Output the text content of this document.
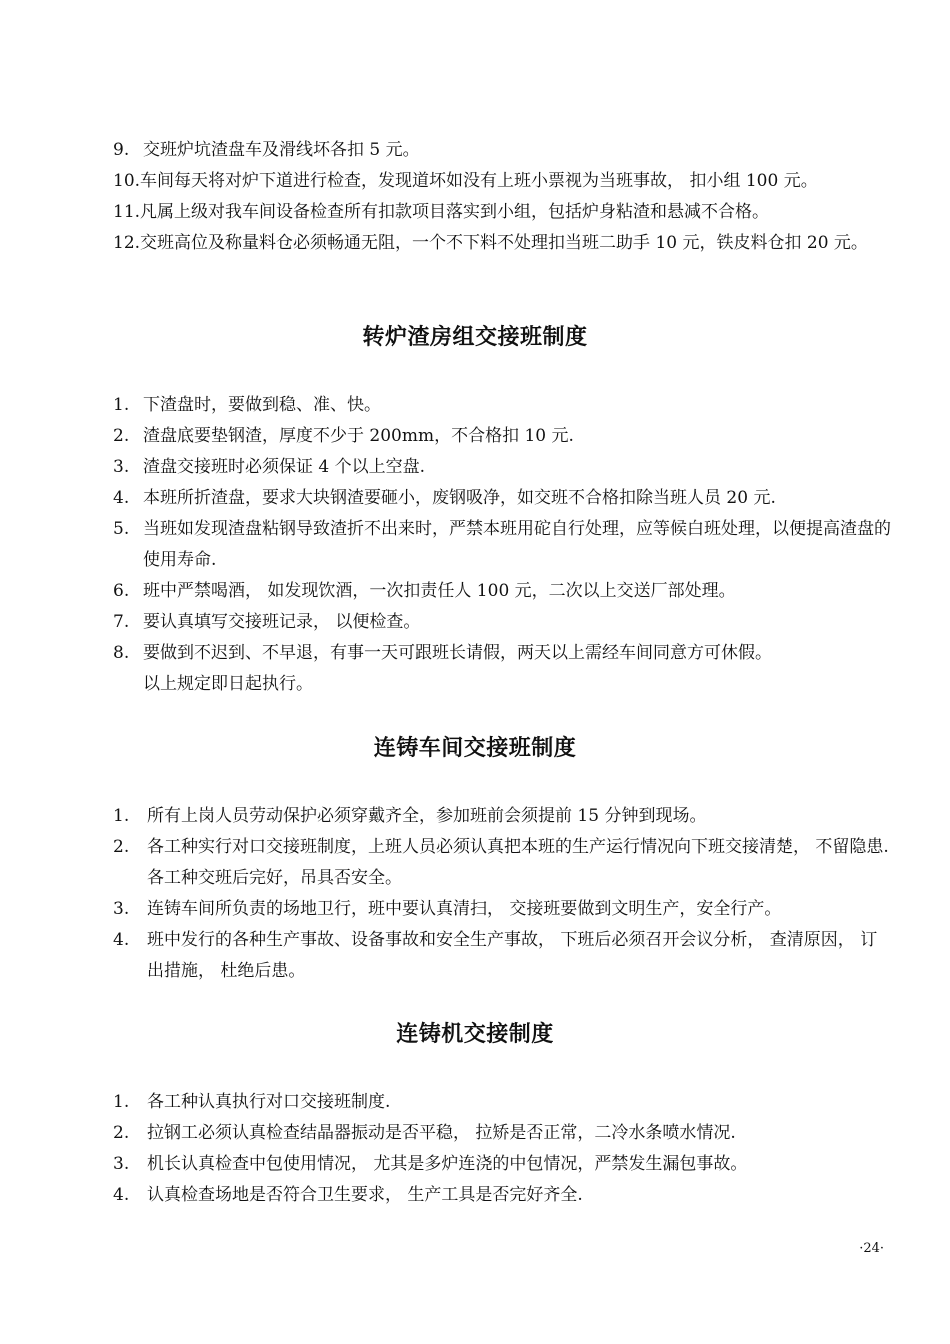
9. 交班炉坑渣盘车及滑线坏各扣 5 元。
10. 车间每天将对炉下道进行检查，发现道坏如没有上班小票视为当班事故， 扣小组 100 元。
11. 凡属上级对我车间设备检查所有扣款项目落实到小组，包括炉身粘渣和悬减不合格。
12. 交班高位及称量料仓必须畅通无阻，一个不下料不处理扣当班二助手 10 元，铁皮料仓扣 20 元。
转炉渣房组交接班制度
1. 下渣盘时，要做到稳、准、快。
2. 渣盘底要垫钢渣，厚度不少于 200mm，不合格扣 10 元.
3. 渣盘交接班时必须保证 4 个以上空盘.
4. 本班所折渣盘，要求大块钢渣要砸小，废钢吸净，如交班不合格扣除当班人员 20 元.
5. 当班如发现渣盘粘钢导致渣折不出来时，严禁本班用砣自行处理，应等候白班处理，以便提高渣盘的使用寿命.
6. 班中严禁喝酒， 如发现饮酒，一次扣责任人 100 元，二次以上交送厂部处理。
7. 要认真填写交接班记录， 以便检查。
8. 要做到不迟到、不早退，有事一天可跟班长请假，两天以上需经车间同意方可休假。
以上规定即日起执行。
连铸车间交接班制度
1.	所有上岗人员劳动保护必须穿戴齐全，参加班前会须提前 15 分钟到现场。
2.	各工种实行对口交接班制度，上班人员必须认真把本班的生产运行情况向下班交接清楚， 不留隐患. 各工种交班后完好，吊具否安全。
3.	连铸车间所负责的场地卫行，班中要认真清扫， 交接班要做到文明生产，安全行产。
4.	班中发行的各种生产事故、设备事故和安全生产事故， 下班后必须召开会议分析， 查清原因， 订出措施， 杜绝后患。
连铸机交接制度
1.	各工种认真执行对口交接班制度.
2.	拉钢工必须认真检查结晶器振动是否平稳， 拉矫是否正常，二冷水条喷水情况.
3.	机长认真检查中包使用情况， 尤其是多炉连浇的中包情况，严禁发生漏包事故。
4.	认真检查场地是否符合卫生要求， 生产工具是否完好齐全.
·24·
